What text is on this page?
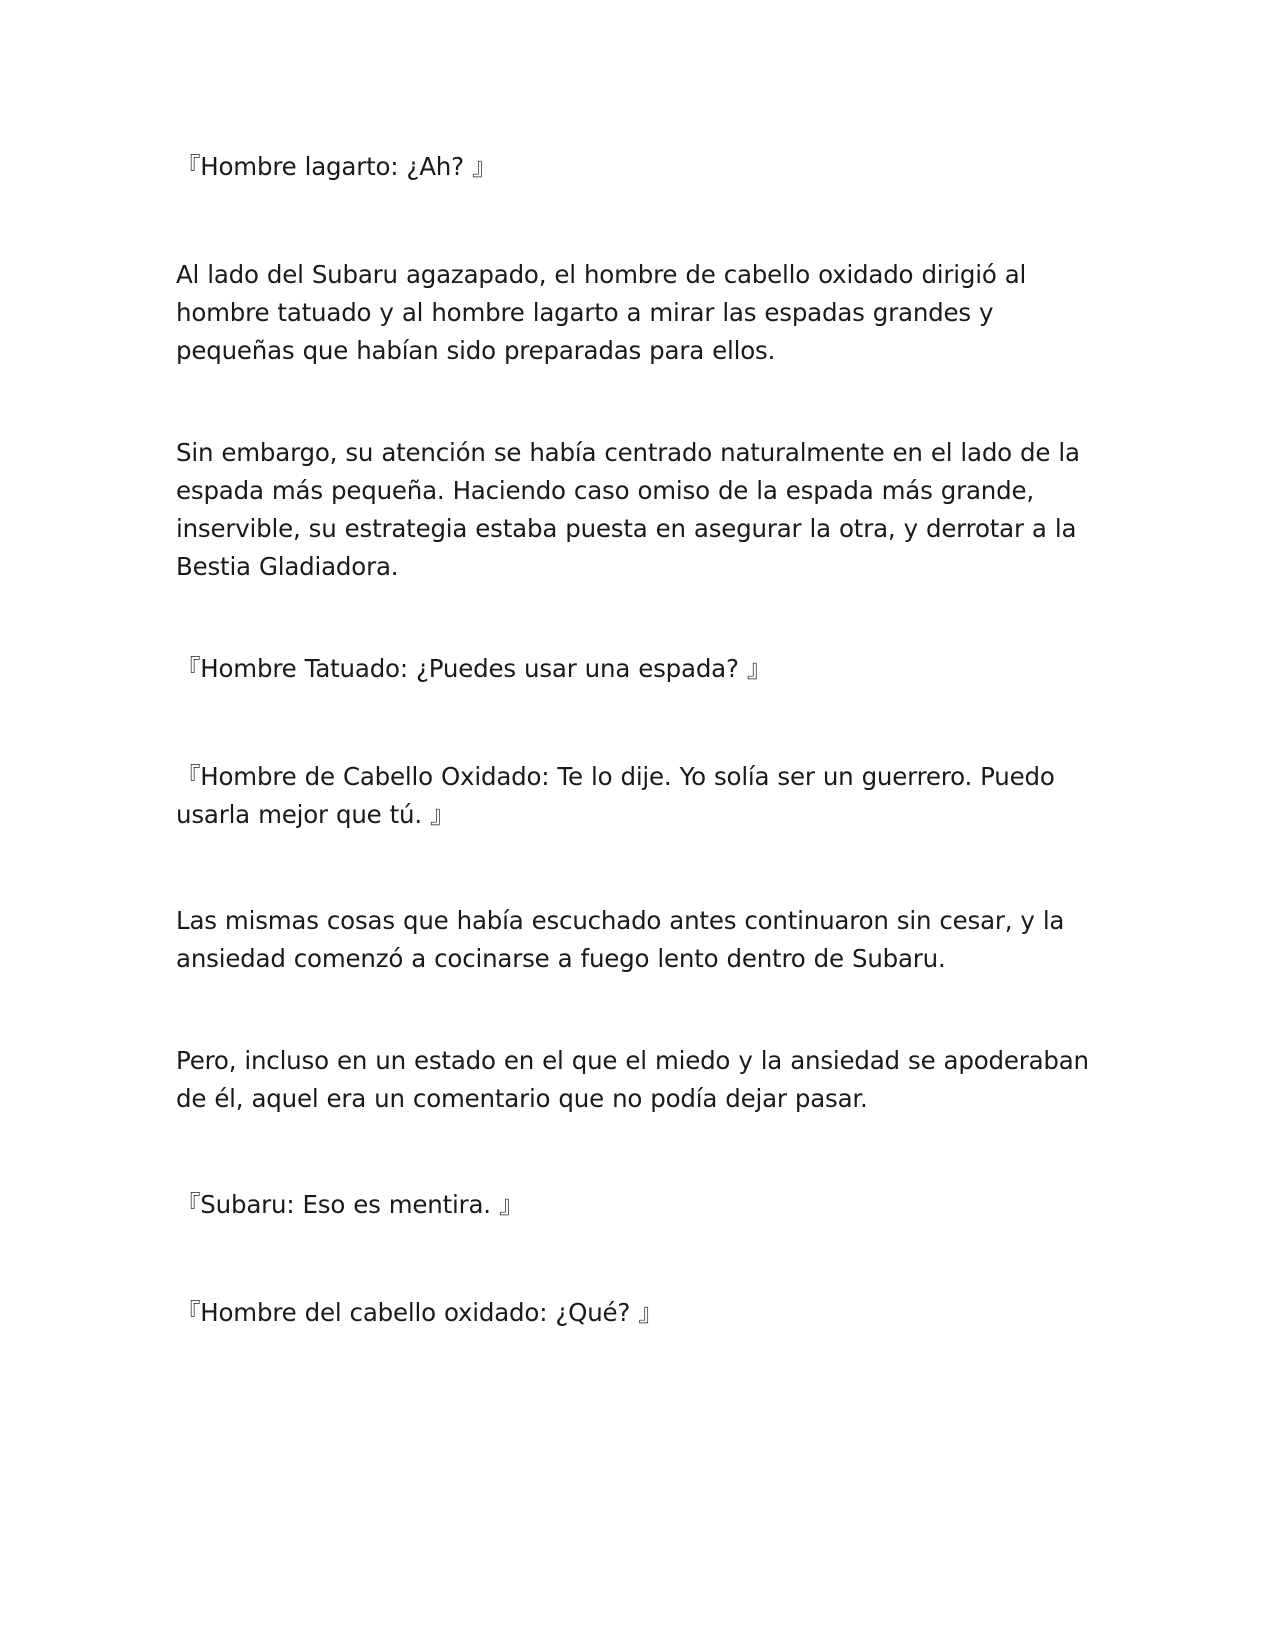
『Hombre lagarto: ¿Ah? 』

Al lado del Subaru agazapado, el hombre de cabello oxidado dirigió al hombre tatuado y al hombre lagarto a mirar las espadas grandes y pequeñas que habían sido preparadas para ellos.

Sin embargo, su atención se había centrado naturalmente en el lado de la espada más pequeña. Haciendo caso omiso de la espada más grande, inservible, su estrategia estaba puesta en asegurar la otra, y derrotar a la Bestia Gladiadora.

『Hombre Tatuado: ¿Puedes usar una espada? 』

『Hombre de Cabello Oxidado: Te lo dije. Yo solía ser un guerrero. Puedo usarla mejor que tú. 』

Las mismas cosas que había escuchado antes continuaron sin cesar, y la ansiedad comenzó a cocinarse a fuego lento dentro de Subaru.

Pero, incluso en un estado en el que el miedo y la ansiedad se apoderaban de él, aquel era un comentario que no podía dejar pasar.

『Subaru: Eso es mentira. 』

『Hombre del cabello oxidado: ¿Qué? 』
